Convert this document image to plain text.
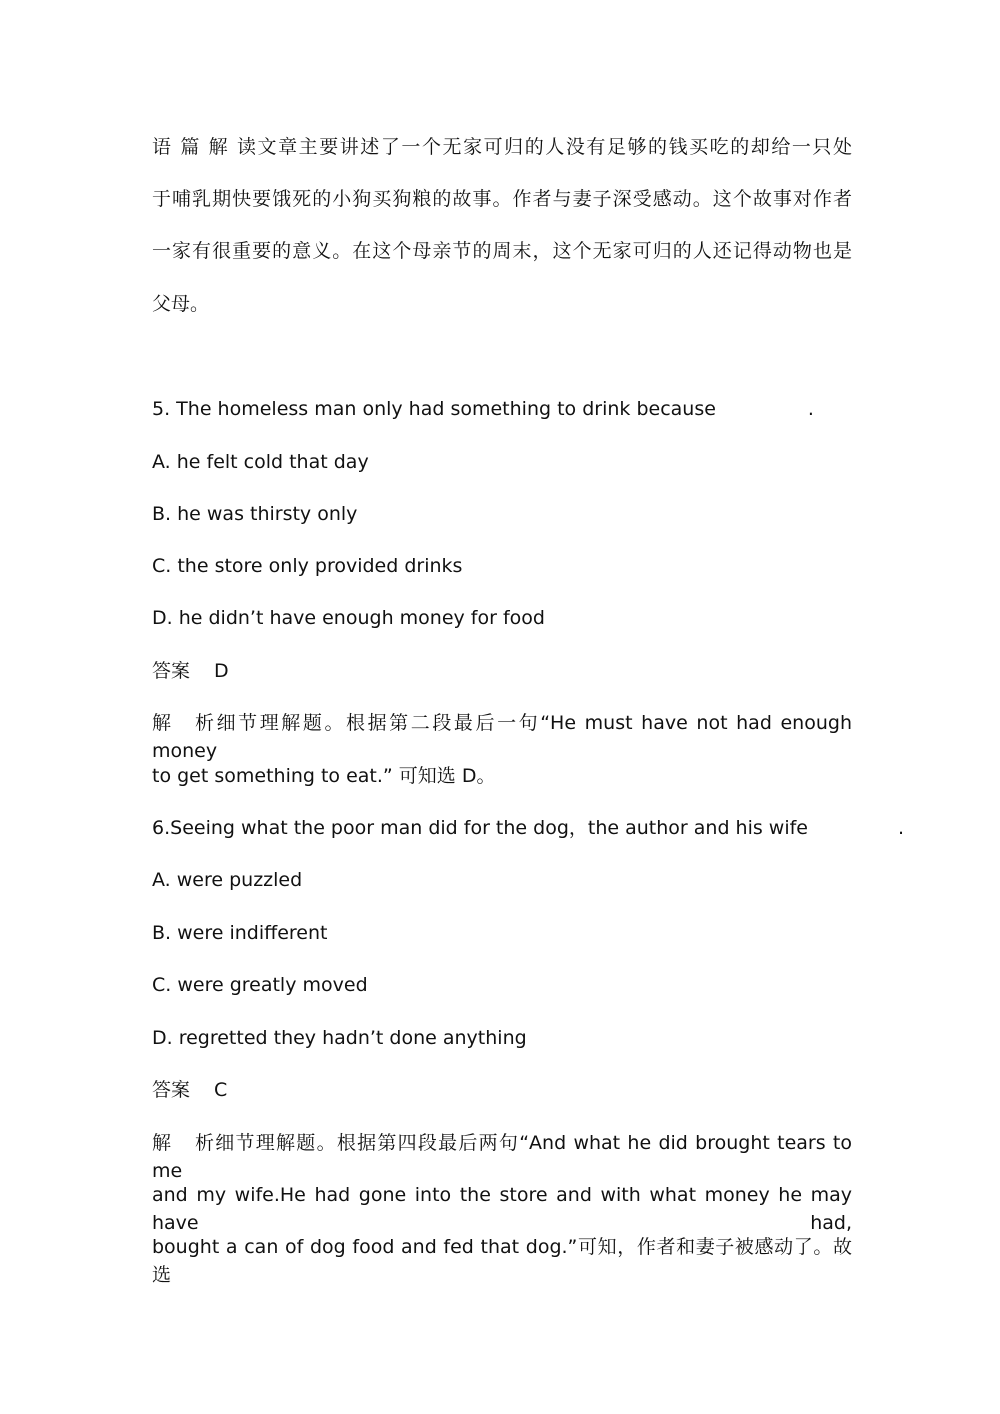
语篇解读文章主要讲述了一个无家可归的人没有足够的钱买吃的却给一只处
于哺乳期快要饿死的小狗买狗粮的故事。作者与妻子深受感动。这个故事对作者
一家有很重要的意义。在这个母亲节的周末，这个无家可归的人还记得动物也是
父母。
5. The homeless man only had something to drink because	.
A. he felt cold that day
B. he was thirsty only
C. the store only provided drinks
D. he didn’t have enough money for food
答案 D
解析细节理解题。根据第二段最后一句“He must have not had enough money
to get something to eat.” 可知选 D。
6.Seeing what the poor man did for the dog，the author and his wife	.
A. were puzzled
B. were indifferent
C. were greatly moved
D. regretted they hadn’t done anything
答案 C
解析细节理解题。根据第四段最后两句“And what he did brought tears to me
and my wife.He had gone into the store and with what money he may have had,
bought a can of dog food and fed that dog.”可知，作者和妻子被感动了。故选
